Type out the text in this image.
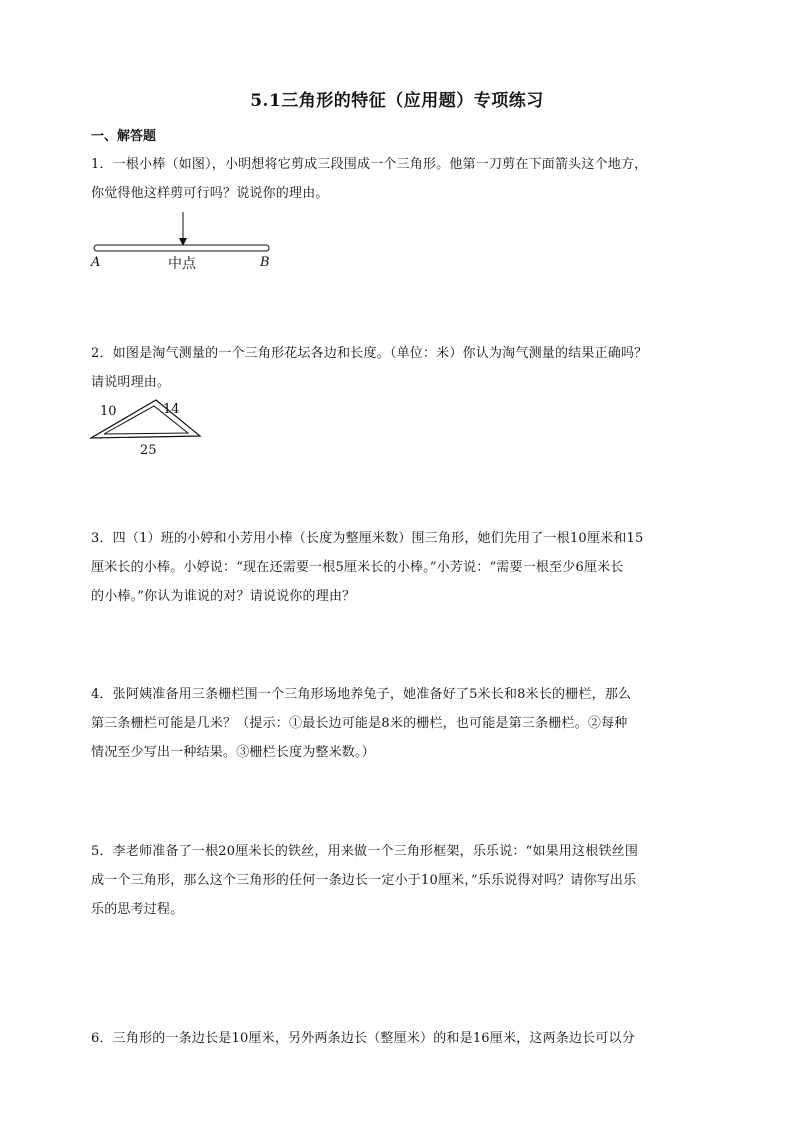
5.1三角形的特征（应用题）专项练习
一、解答题

1．一根小棒（如图），小明想将它剪成三段围成一个三角形。他第一刀剪在下面箭头这个地方，

你觉得他这样剪可行吗？说说你的理由。

A	中点	B

2．如图是淘气测量的一个三角形花坛各边和长度。（单位：米）你认为淘气测量的结果正确吗？

请说明理由。

10	14
25

3．四（1）班的小婷和小芳用小棒（长度为整厘米数）围三角形，她们先用了一根10厘米和15

厘米长的小棒。小婷说：“现在还需要一根5厘米长的小棒。”小芳说：“需要一根至少6厘米长

的小棒。”你认为谁说的对？请说说你的理由？

4．张阿姨准备用三条栅栏围一个三角形场地养兔子，她准备好了5米长和8米长的栅栏，那么

第三条栅栏可能是几米？（提示：①最长边可能是8米的栅栏，也可能是第三条栅栏。②每种

情况至少写出一种结果。③栅栏长度为整米数。）

5．李老师准备了一根20厘米长的铁丝，用来做一个三角形框架，乐乐说：“如果用这根铁丝围

成一个三角形，那么这个三角形的任何一条边长一定小于10厘米，”乐乐说得对吗？请你写出乐

乐的思考过程。

6．三角形的一条边长是10厘米，另外两条边长（整厘米）的和是16厘米，这两条边长可以分
